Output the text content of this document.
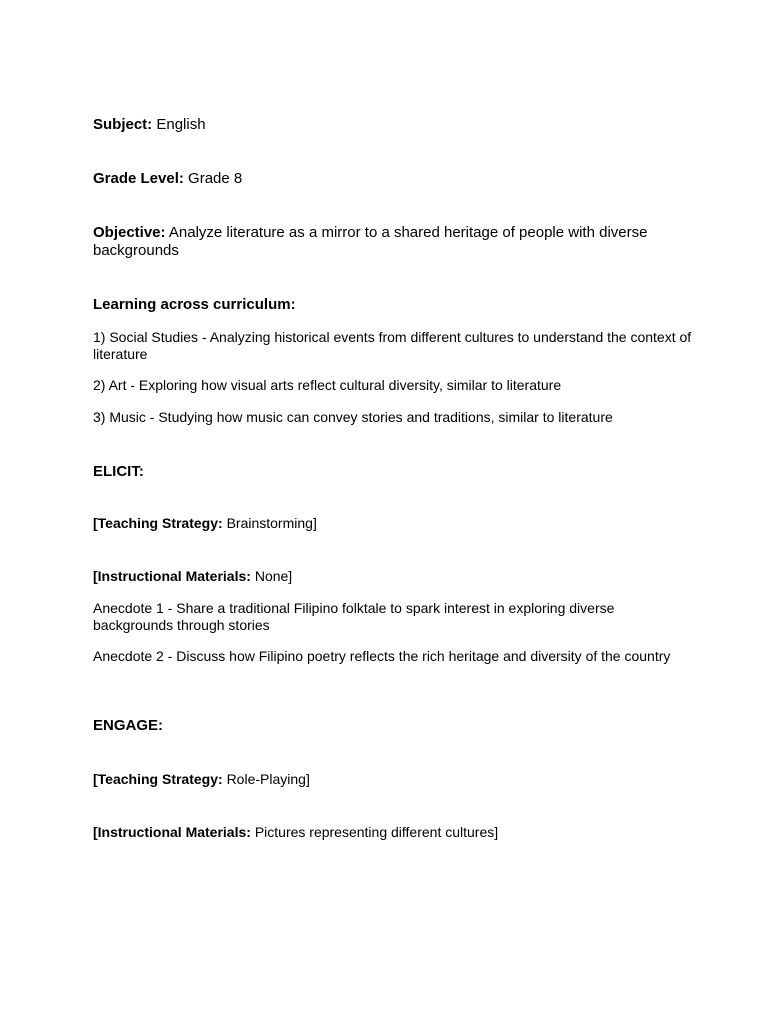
Subject: English

Grade Level: Grade 8

Objective: Analyze literature as a mirror to a shared heritage of people with diverse backgrounds

Learning across curriculum:

1) Social Studies - Analyzing historical events from different cultures to understand the context of literature

2) Art - Exploring how visual arts reflect cultural diversity, similar to literature

3) Music - Studying how music can convey stories and traditions, similar to literature

ELICIT:

[Teaching Strategy: Brainstorming]

[Instructional Materials: None]

Anecdote 1 - Share a traditional Filipino folktale to spark interest in exploring diverse backgrounds through stories

Anecdote 2 - Discuss how Filipino poetry reflects the rich heritage and diversity of the country

ENGAGE:

[Teaching Strategy: Role-Playing]

[Instructional Materials: Pictures representing different cultures]
